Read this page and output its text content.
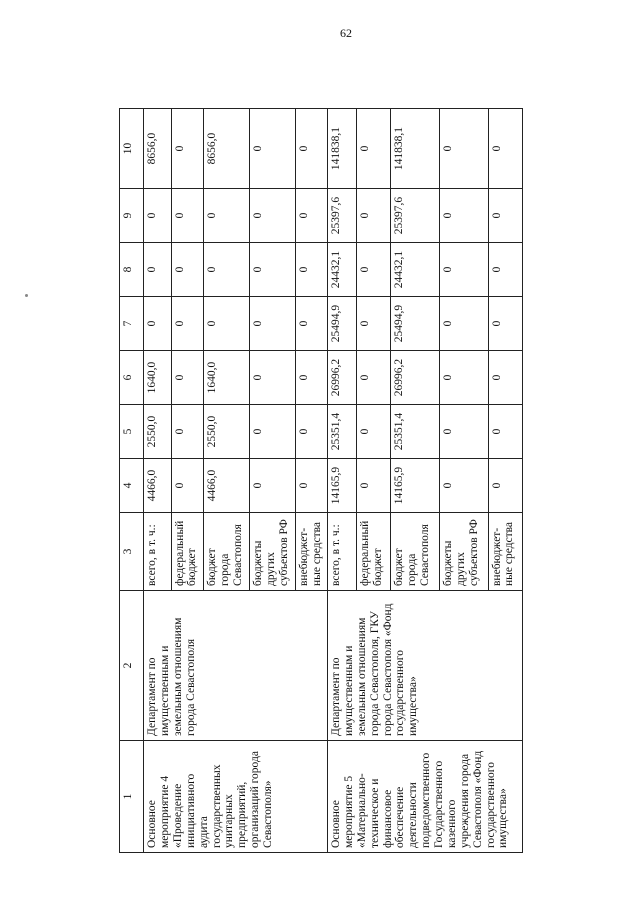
62
1	2	3	4	5	6	7	8	9	10
Основное мероприятие 4 «Проведение инициативного аудита государственных унитарных предприятий, организаций города Севастополя»	Департамент по имущественным и земельным отношениям города Севастополя	всего, в т. ч.:	4466,0	2550,0	1640,0	0	0	0	8656,0
		федеральный бюджет	0	0	0	0	0	0	0
		бюджет города Севастополя	4466,0	2550,0	1640,0	0	0	0	8656,0
		бюджеты других субъектов РФ	0	0	0	0	0	0	0
		внебюджет-ные средства	0	0	0	0	0	0	0
Основное мероприятие 5 «Материально-техническое и финансовое обеспечение деятельности подведомственного Государственного казенного учреждения города Севастополя «Фонд государственного имущества»	Департамент по имущественным и земельным отношениям города Севастополя, ГКУ города Севастополя «Фонд государственного имущества»	всего, в т. ч.:	14165,9	25351,4	26996,2	25494,9	24432,1	25397,6	141838,1
		федеральный бюджет	0	0	0	0	0	0	0
		бюджет города Севастополя	14165,9	25351,4	26996,2	25494,9	24432,1	25397,6	141838,1
		бюджеты других субъектов РФ	0	0	0	0	0	0	0
		внебюджет-ные средства	0	0	0	0	0	0	0
